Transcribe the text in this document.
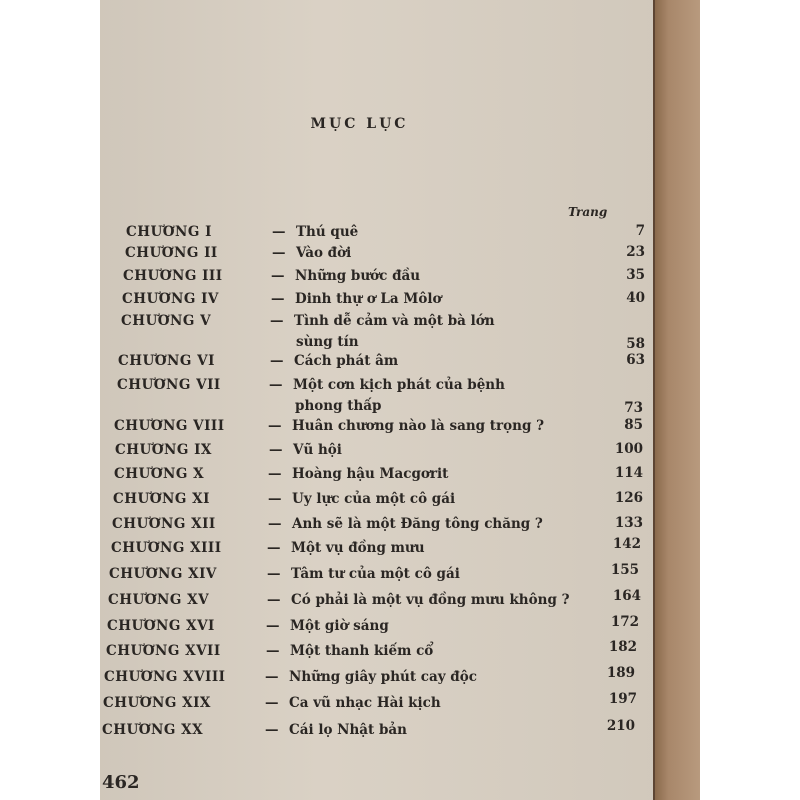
MỤC LỤC
Trang
CHƯƠNG I	— Thú quê	7
CHƯƠNG II	— Vào đời	23
CHƯƠNG III	— Những bước đầu	35
CHƯƠNG IV	— Dinh thự ơ La Môlơ	40
CHƯƠNG V	— Tình dễ cảm và một bà lớn
sùng tín	58
CHƯƠNG VI	— Cách phát âm	63
CHƯƠNG VII	— Một cơn kịch phát của bệnh
phong thấp	73
CHƯƠNG VIII	— Huân chương nào là sang trọng ?	85
CHƯƠNG IX	— Vũ hội	100
CHƯƠNG X	— Hoàng hậu Macgơrit	114
CHƯƠNG XI	— Uy lực của một cô gái	126
CHƯƠNG XII	— Anh sẽ là một Đăng tông chăng ?	133
CHƯƠNG XIII	— Một vụ đồng mưu	142
CHƯƠNG XIV	— Tâm tư của một cô gái	155
CHƯƠNG XV	— Có phải là một vụ đồng mưu không ?	164
CHƯƠNG XVI	— Một giờ sáng	172
CHƯƠNG XVII	— Một thanh kiếm cổ	182
CHƯƠNG XVIII	— Những giây phút cay độc	189
CHƯƠNG XIX	— Ca vũ nhạc Hài kịch	197
CHƯƠNG XX	— Cái lọ Nhật bản	210
462
